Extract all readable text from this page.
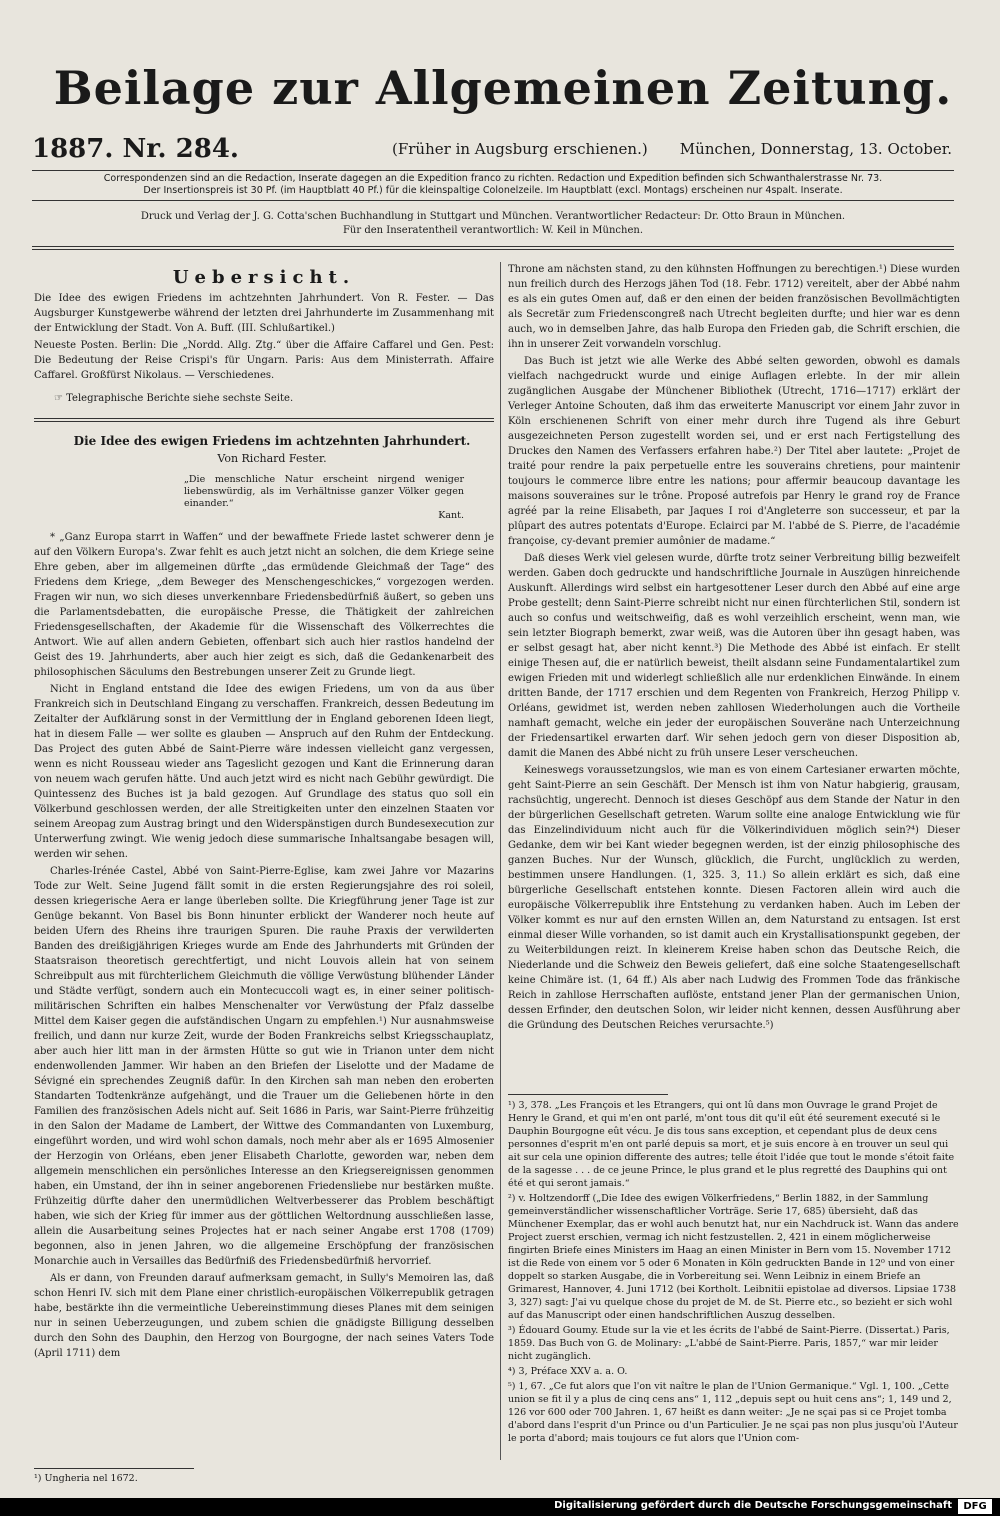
Beilage zur Allgemeinen Zeitung.
1887. Nr. 284.	(Früher in Augsburg erschienen.) München, Donnerstag, 13. October.
Correspondenzen sind an die Redaction, Inserate dagegen an die Expedition franco zu richten. Redaction und Expedition befinden sich Schwanthalerstrasse Nr. 73.
Der Insertionspreis ist 30 Pf. (im Hauptblatt 40 Pf.) für die kleinspaltige Colonelzeile. Im Hauptblatt (excl. Montags) erscheinen nur 4spalt. Inserate.
Druck und Verlag der J. G. Cotta'schen Buchhandlung in Stuttgart und München. Verantwortlicher Redacteur: Dr. Otto Braun in München.
Für den Inseratentheil verantwortlich: W. Keil in München.
Uebersicht.

Die Idee des ewigen Friedens im achtzehnten Jahrhundert. Von R. Fester. — Das Augsburger Kunstgewerbe während der letzten drei Jahrhunderte im Zusammenhang mit der Entwicklung der Stadt. Von A. Buff. (III. Schlußartikel.)

Neueste Posten. Berlin: Die „Nordd. Allg. Ztg.“ über die Affaire Caffarel und Gen. Pest: Die Bedeutung der Reise Crispi's für Ungarn. Paris: Aus dem Ministerrath. Affaire Caffarel. Großfürst Nikolaus. — Verschiedenes.

☞ Telegraphische Berichte siehe sechste Seite.

Die Idee des ewigen Friedens im achtzehnten Jahrhundert.

Von Richard Fester.

„Die menschliche Natur erscheint nirgend weniger liebenswürdig, als im Verhältnisse ganzer Völker gegen einander.“
Kant.

* „Ganz Europa starrt in Waffen“ und der bewaffnete Friede lastet schwerer denn je auf den Völkern Europa's. Zwar fehlt es auch jetzt nicht an solchen, die dem Kriege seine Ehre geben, aber im allgemeinen dürfte „das ermüdende Gleichmaß der Tage“ des Friedens dem Kriege, „dem Beweger des Menschengeschickes,“ vorgezogen werden. Fragen wir nun, wo sich dieses unverkennbare Friedensbedürfniß äußert, so geben uns die Parlamentsdebatten, die europäische Presse, die Thätigkeit der zahlreichen Friedensgesellschaften, der Akademie für die Wissenschaft des Völkerrechtes die Antwort. Wie auf allen andern Gebieten, offenbart sich auch hier rastlos handelnd der Geist des 19. Jahrhunderts, aber auch hier zeigt es sich, daß die Gedankenarbeit des philosophischen Säculums den Bestrebungen unserer Zeit zu Grunde liegt.

Nicht in England entstand die Idee des ewigen Friedens, um von da aus über Frankreich sich in Deutschland Eingang zu verschaffen. Frankreich, dessen Bedeutung im Zeitalter der Aufklärung sonst in der Vermittlung der in England geborenen Ideen liegt, hat in diesem Falle — wer sollte es glauben — Anspruch auf den Ruhm der Entdeckung. Das Project des guten Abbé de Saint-Pierre wäre indessen vielleicht ganz vergessen, wenn es nicht Rousseau wieder ans Tageslicht gezogen und Kant die Erinnerung daran von neuem wach gerufen hätte. Und auch jetzt wird es nicht nach Gebühr gewürdigt. Die Quintessenz des Buches ist ja bald gezogen. Auf Grundlage des status quo soll ein Völkerbund geschlossen werden, der alle Streitigkeiten unter den einzelnen Staaten vor seinem Areopag zum Austrag bringt und den Widerspänstigen durch Bundesexecution zur Unterwerfung zwingt. Wie wenig jedoch diese summarische Inhaltsangabe besagen will, werden wir sehen.

Charles-Irénée Castel, Abbé von Saint-Pierre-Eglise, kam zwei Jahre vor Mazarins Tode zur Welt. Seine Jugend fällt somit in die ersten Regierungsjahre des roi soleil, dessen kriegerische Aera er lange überleben sollte. Die Kriegführung jener Tage ist zur Genüge bekannt. Von Basel bis Bonn hinunter erblickt der Wanderer noch heute auf beiden Ufern des Rheins ihre traurigen Spuren. Die rauhe Praxis der verwilderten Banden des dreißigjährigen Krieges wurde am Ende des Jahrhunderts mit Gründen der Staatsraison theoretisch gerechtfertigt, und nicht Louvois allein hat von seinem Schreibpult aus mit fürchterlichem Gleichmuth die völlige Verwüstung blühender Länder und Städte verfügt, sondern auch ein Montecuccoli wagt es, in einer seiner politisch-militärischen Schriften ein halbes Menschenalter vor Verwüstung der Pfalz dasselbe Mittel dem Kaiser gegen die aufständischen Ungarn zu empfehlen.¹) Nur ausnahmsweise freilich, und dann nur kurze Zeit, wurde der Boden Frankreichs selbst Kriegsschauplatz, aber auch hier litt man in der ärmsten Hütte so gut wie in Trianon unter dem nicht endenwollenden Jammer. Wir haben an den Briefen der Liselotte und der Madame de Sévigné ein sprechendes Zeugniß dafür. In den Kirchen sah man neben den eroberten Standarten Todtenkränze aufgehängt, und die Trauer um die Geliebenen hörte in den Familien des französischen Adels nicht auf. Seit 1686 in Paris, war Saint-Pierre frühzeitig in den Salon der Madame de Lambert, der Wittwe des Commandanten von Luxemburg, eingeführt worden, und wird wohl schon damals, noch mehr aber als er 1695 Almosenier der Herzogin von Orléans, eben jener Elisabeth Charlotte, geworden war, neben dem allgemein menschlichen ein persönliches Interesse an den Kriegsereignissen genommen haben, ein Umstand, der ihn in seiner angeborenen Friedensliebe nur bestärken mußte. Frühzeitig dürfte daher den unermüdlichen Weltverbesserer das Problem beschäftigt haben, wie sich der Krieg für immer aus der göttlichen Weltordnung ausschließen lasse, allein die Ausarbeitung seines Projectes hat er nach seiner Angabe erst 1708 (1709) begonnen, also in jenen Jahren, wo die allgemeine Erschöpfung der französischen Monarchie auch in Versailles das Bedürfniß des Friedensbedürfniß hervorrief.

Als er dann, von Freunden darauf aufmerksam gemacht, in Sully's Memoiren las, daß schon Henri IV. sich mit dem Plane einer christlich-europäischen Völkerrepublik getragen habe, bestärkte ihn die vermeintliche Uebereinstimmung dieses Planes mit dem seinigen nur in seinen Ueberzeugungen, und zubem schien die gnädigste Billigung desselben durch den Sohn des Dauphin, den Herzog von Bourgogne, der nach seines Vaters Tode (April 1711) dem

¹) Ungheria nel 1672.

Throne am nächsten stand, zu den kühnsten Hoffnungen zu berechtigen.¹) Diese wurden nun freilich durch des Herzogs jähen Tod (18. Febr. 1712) vereitelt, aber der Abbé nahm es als ein gutes Omen auf, daß er den einen der beiden französischen Bevollmächtigten als Secretär zum Friedenscongreß nach Utrecht begleiten durfte; und hier war es denn auch, wo in demselben Jahre, das halb Europa den Frieden gab, die Schrift erschien, die ihn in unserer Zeit vorwandeln vorschlug.

Das Buch ist jetzt wie alle Werke des Abbé selten geworden, obwohl es damals vielfach nachgedruckt wurde und einige Auflagen erlebte. In der mir allein zugänglichen Ausgabe der Münchener Bibliothek (Utrecht, 1716—1717) erklärt der Verleger Antoine Schouten, daß ihm das erweiterte Manuscript vor einem Jahr zuvor in Köln erschienenen Schrift von einer mehr durch ihre Tugend als ihre Geburt ausgezeichneten Person zugestellt worden sei, und er erst nach Fertigstellung des Druckes den Namen des Verfassers erfahren habe.²) Der Titel aber lautete: „Projet de traité pour rendre la paix perpetuelle entre les souverains chretiens, pour maintenir toujours le commerce libre entre les nations; pour affermir beaucoup davantage les maisons souveraines sur le trône. Proposé autrefois par Henry le grand roy de France agréé par la reine Elisabeth, par Jaques I roi d'Angleterre son successeur, et par la plûpart des autres potentats d'Europe. Eclairci par M. l'abbé de S. Pierre, de l'académie françoise, cy-devant premier aumônier de madame.“

Daß dieses Werk viel gelesen wurde, dürfte trotz seiner Verbreitung billig bezweifelt werden. Gaben doch gedruckte und handschriftliche Journale in Auszügen hinreichende Auskunft. Allerdings wird selbst ein hartgesottener Leser durch den Abbé auf eine arge Probe gestellt; denn Saint-Pierre schreibt nicht nur einen fürchterlichen Stil, sondern ist auch so confus und weitschweifig, daß es wohl verzeihlich erscheint, wenn man, wie sein letzter Biograph bemerkt, zwar weiß, was die Autoren über ihn gesagt haben, was er selbst gesagt hat, aber nicht kennt.³) Die Methode des Abbé ist einfach. Er stellt einige Thesen auf, die er natürlich beweist, theilt alsdann seine Fundamentalartikel zum ewigen Frieden mit und widerlegt schließlich alle nur erdenklichen Einwände. In einem dritten Bande, der 1717 erschien und dem Regenten von Frankreich, Herzog Philipp v. Orléans, gewidmet ist, werden neben zahllosen Wiederholungen auch die Vortheile namhaft gemacht, welche ein jeder der europäischen Souveräne nach Unterzeichnung der Friedensartikel erwarten darf. Wir sehen jedoch gern von dieser Disposition ab, damit die Manen des Abbé nicht zu früh unsere Leser verscheuchen.

Keineswegs voraussetzungslos, wie man es von einem Cartesianer erwarten möchte, geht Saint-Pierre an sein Geschäft. Der Mensch ist ihm von Natur habgierig, grausam, rachsüchtig, ungerecht. Dennoch ist dieses Geschöpf aus dem Stande der Natur in den der bürgerlichen Gesellschaft getreten. Warum sollte eine analoge Entwicklung wie für das Einzelindividuum nicht auch für die Völkerindividuen möglich sein?⁴) Dieser Gedanke, dem wir bei Kant wieder begegnen werden, ist der einzig philosophische des ganzen Buches. Nur der Wunsch, glücklich, die Furcht, unglücklich zu werden, bestimmen unsere Handlungen. (1, 325. 3, 11.) So allein erklärt es sich, daß eine bürgerliche Gesellschaft entstehen konnte. Diesen Factoren allein wird auch die europäische Völkerrepublik ihre Entstehung zu verdanken haben. Auch im Leben der Völker kommt es nur auf den ernsten Willen an, dem Naturstand zu entsagen. Ist erst einmal dieser Wille vorhanden, so ist damit auch ein Krystallisationspunkt gegeben, der zu Weiterbildungen reizt. In kleinerem Kreise haben schon das Deutsche Reich, die Niederlande und die Schweiz den Beweis geliefert, daß eine solche Staatengesellschaft keine Chimäre ist. (1, 64 ff.) Als aber nach Ludwig des Frommen Tode das fränkische Reich in zahllose Herrschaften auflöste, entstand jener Plan der germanischen Union, dessen Erfinder, den deutschen Solon, wir leider nicht kennen, dessen Ausführung aber die Gründung des Deutschen Reiches verursachte.⁵)

¹) 3, 378. „Les François et les Etrangers, qui ont lû dans mon Ouvrage le grand Projet de Henry le Grand, et qui m'en ont parlé, m'ont tous dit qu'il eût été seurement executé si le Dauphin Bourgogne eût vécu. Je dis tous sans exception, et cependant plus de deux cens personnes d'esprit m'en ont parlé depuis sa mort, et je suis encore à en trouver un seul qui ait sur cela une opinion differente des autres; telle étoit l'idée que tout le monde s'étoit faite de la sagesse . . . de ce jeune Prince, le plus grand et le plus regretté des Dauphins qui ont été et qui seront jamais.“

²) v. Holtzendorff („Die Idee des ewigen Völkerfriedens,“ Berlin 1882, in der Sammlung gemeinverständlicher wissenschaftlicher Vorträge. Serie 17, 685) übersieht, daß das Münchener Exemplar, das er wohl auch benutzt hat, nur ein Nachdruck ist. Wann das andere Project zuerst erschien, vermag ich nicht festzustellen. 2, 421 in einem möglicherweise fingirten Briefe eines Ministers im Haag an einen Minister in Bern vom 15. November 1712 ist die Rede von einem vor 5 oder 6 Monaten in Köln gedruckten Bande in 12⁰ und von einer doppelt so starken Ausgabe, die in Vorbereitung sei. Wenn Leibniz in einem Briefe an Grimarest, Hannover, 4. Juni 1712 (bei Kortholt. Leibnitii epistolae ad diversos. Lipsiae 1738 3, 327) sagt: J'ai vu quelque chose du projet de M. de St. Pierre etc., so bezieht er sich wohl auf das Manuscript oder einen handschriftlichen Auszug desselben.

³) Édouard Goumy. Etude sur la vie et les écrits de l'abbé de Saint-Pierre. (Dissertat.) Paris, 1859. Das Buch von G. de Molinary: „L'abbé de Saint-Pierre. Paris, 1857,“ war mir leider nicht zugänglich.

⁴) 3, Préface XXV a. a. O.

⁵) 1, 67. „Ce fut alors que l'on vit naître le plan de l'Union Germanique.“ Vgl. 1, 100. „Cette union se fit il y a plus de cinq cens ans“ 1, 112 „depuis sept ou huit cens ans“; 1, 149 und 2, 126 vor 600 oder 700 Jahren. 1, 67 heißt es dann weiter: „Je ne sçai pas si ce Projet tomba d'abord dans l'esprit d'un Prince ou d'un Particulier. Je ne sçai pas non plus jusqu'où l'Auteur le porta d'abord; mais toujours ce fut alors que l'Union com-

Digitalisierung gefördert durch die Deutsche Forschungsgemeinschaft	DFG
